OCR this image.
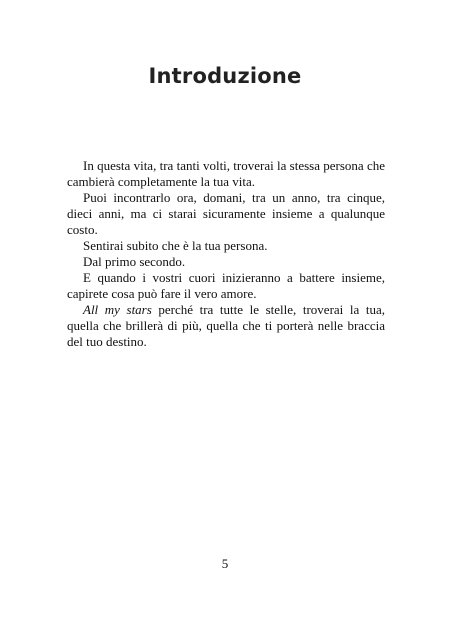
Introduzione

In questa vita, tra tanti volti, troverai la stessa persona che cambierà completamente la tua vita.

Puoi incontrarlo ora, domani, tra un anno, tra cinque, dieci anni, ma ci starai sicuramente insieme a qualunque costo.

Sentirai subito che è la tua persona.

Dal primo secondo.

E quando i vostri cuori inizieranno a battere insieme, capirete cosa può fare il vero amore.

All my stars perché tra tutte le stelle, troverai la tua, quella che brillerà di più, quella che ti porterà nelle braccia del tuo destino.

5
